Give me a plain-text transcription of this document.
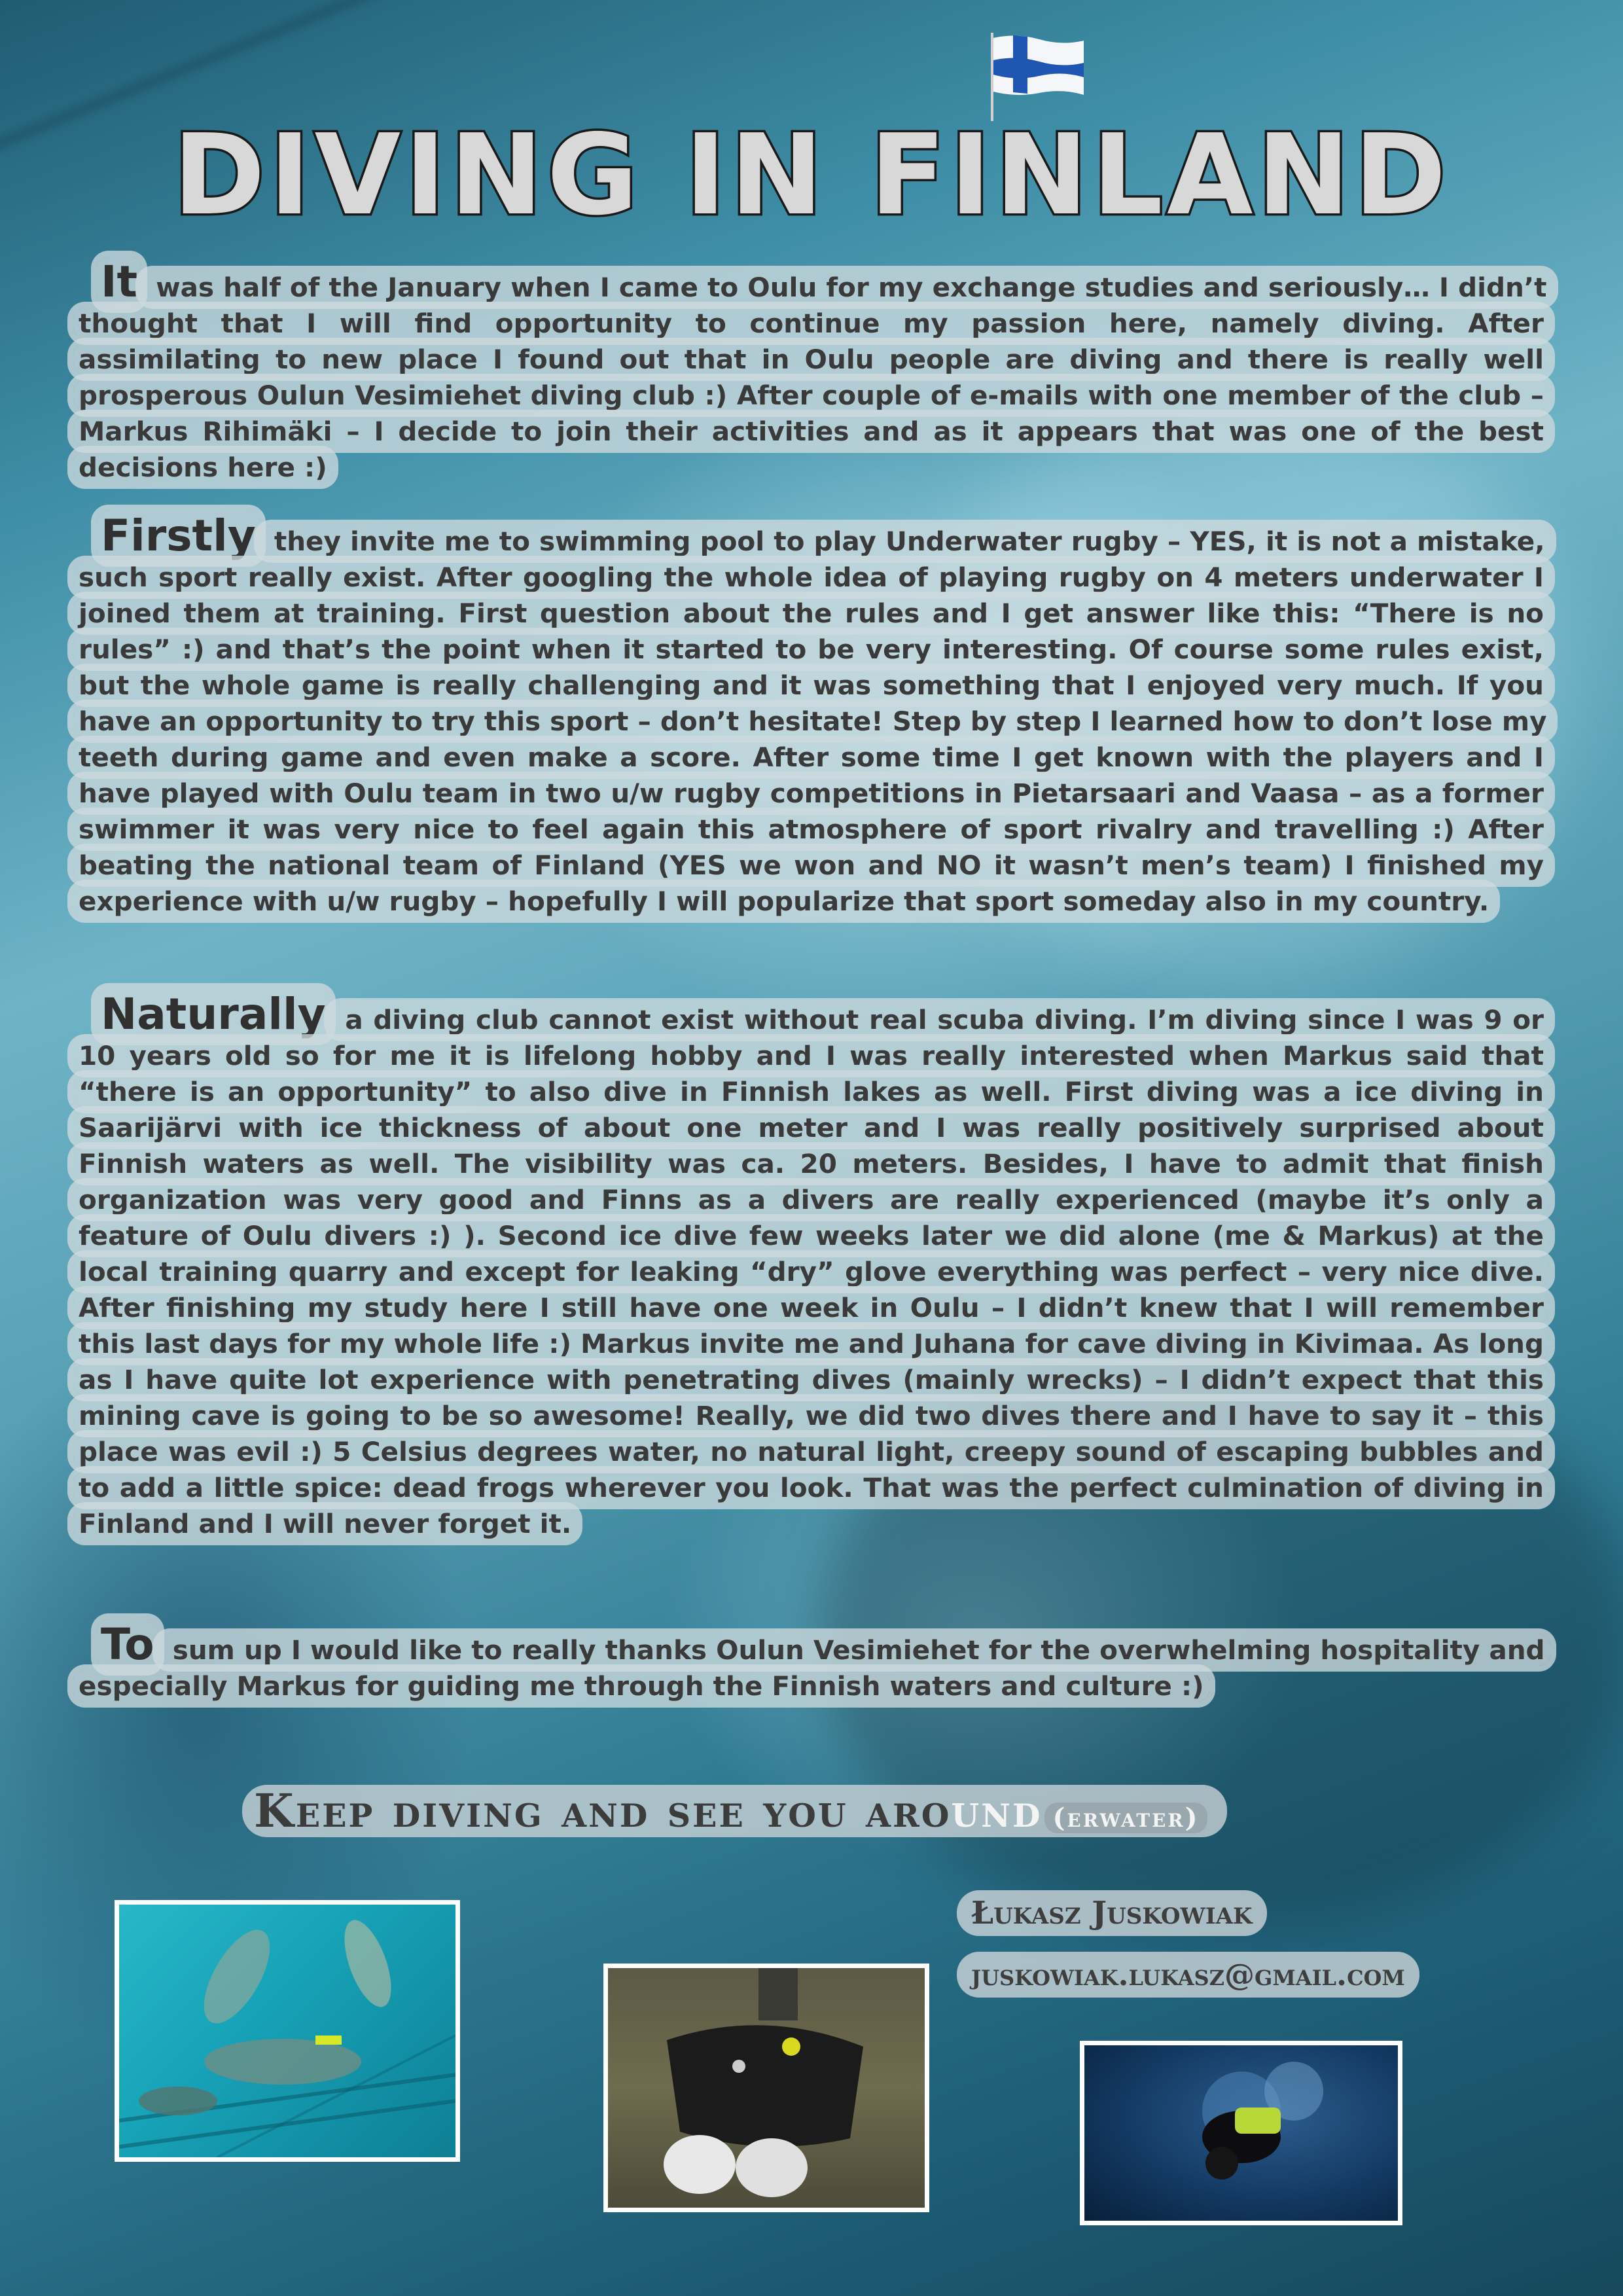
DIVING IN FINLAND

It was half of the January when I came to Oulu for my exchange studies and seriously… I didn’t thought that I will find opportunity to continue my passion here, namely diving. After assimilating to new place I found out that in Oulu people are diving and there is really well prosperous Oulun Vesimiehet diving club :) After couple of e-mails with one member of the club – Markus Rihimäki – I decide to join their activities and as it appears that was one of the best decisions here :)

Firstly they invite me to swimming pool to play Underwater rugby – YES, it is not a mistake, such sport really exist. After googling the whole idea of playing rugby on 4 meters underwater I joined them at training. First question about the rules and I get answer like this: “There is no rules” :) and that’s the point when it started to be very interesting. Of course some rules exist, but the whole game is really challenging and it was something that I enjoyed very much. If you have an opportunity to try this sport – don’t hesitate! Step by step I learned how to don’t lose my teeth during game and even make a score. After some time I get known with the players and I have played with Oulu team in two u/w rugby competitions in Pietarsaari and Vaasa – as a former swimmer it was very nice to feel again this atmosphere of sport rivalry and travelling :) After beating the national team of Finland (YES we won and NO it wasn’t men’s team) I finished my experience with u/w rugby – hopefully I will popularize that sport someday also in my country.

Naturally a diving club cannot exist without real scuba diving. I’m diving since I was 9 or 10 years old so for me it is lifelong hobby and I was really interested when Markus said that “there is an opportunity” to also dive in Finnish lakes as well. First diving was a ice diving in Saarijärvi with ice thickness of about one meter and I was really positively surprised about Finnish waters as well. The visibility was ca. 20 meters. Besides, I have to admit that finish organization was very good and Finns as a divers are really experienced (maybe it’s only a feature of Oulu divers :) ). Second ice dive few weeks later we did alone (me & Markus) at the local training quarry and except for leaking “dry” glove everything was perfect – very nice dive. After finishing my study here I still have one week in Oulu – I didn’t knew that I will remember this last days for my whole life :) Markus invite me and Juhana for cave diving in Kivimaa. As long as I have quite lot experience with penetrating dives (mainly wrecks) – I didn’t expect that this mining cave is going to be so awesome! Really, we did two dives there and I have to say it – this place was evil :) 5 Celsius degrees water, no natural light, creepy sound of escaping bubbles and to add a little spice: dead frogs wherever you look. That was the perfect culmination of diving in Finland and I will never forget it.

To sum up I would like to really thanks Oulun Vesimiehet for the overwhelming hospitality and especially Markus for guiding me through the Finnish waters and culture :)

Keep diving and see you around (erwater)
Łukasz Juskowiak
juskowiak.lukasz@gmail.com
